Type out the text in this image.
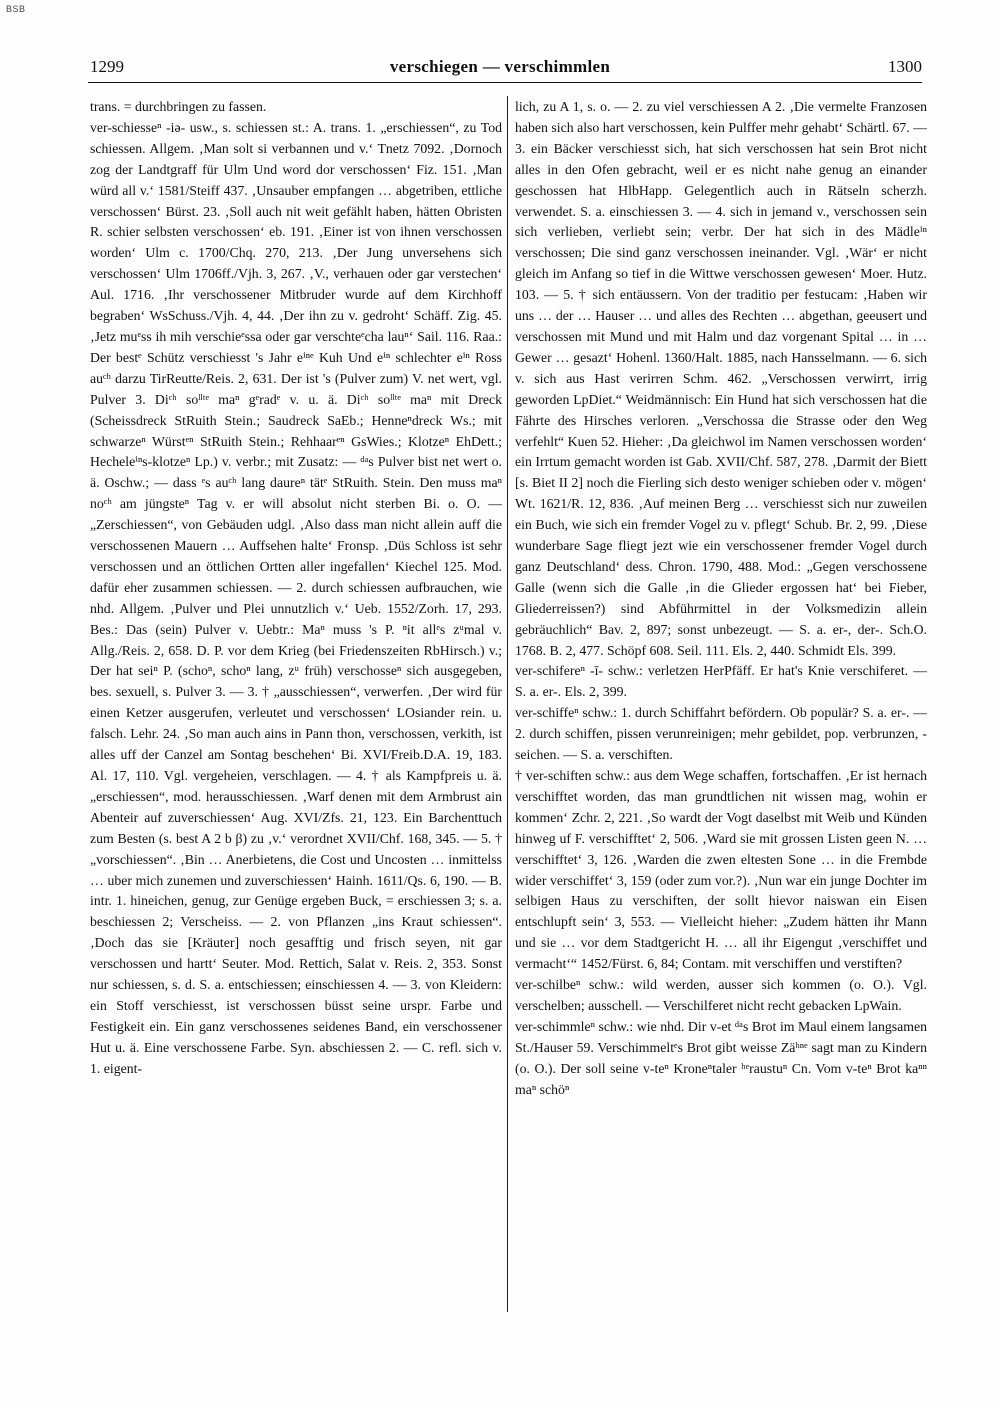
BSB
1299	verschiegen — verschimmlen	1300

trans. = durchbringen zu fassen.

ver-schiesseⁿ -iə- usw., s. schiessen st.: A. trans. 1. „erschiessen“, zu Tod schiessen. Allgem. ‚Man solt si verbannen und v.‘ Tnetz 7092. ‚Dornoch zog der Landtgraff für Ulm Und word dor verschossen‘ Fiz. 151. ‚Man würd all v.‘ 1581/Steiff 437. ‚Unsauber empfangen … abgetriben, ettliche verschossen‘ Bürst. 23. ‚Soll auch nit weit gefählt haben, hätten Obristen R. schier selbsten verschossen‘ eb. 191. ‚Einer ist von ihnen verschossen worden‘ Ulm c. 1700/Chq. 270, 213. ‚Der Jung unversehens sich verschossen‘ Ulm 1706ff./Vjh. 3, 267. ‚V., verhauen oder gar verstechen‘ Aul. 1716. ‚Ihr verschossener Mitbruder wurde auf dem Kirchhoff begraben‘ WsSchuss./Vjh. 4, 44. ‚Der ihn zu v. gedroht‘ Schäff. Zig. 45. ‚Jetz muᵉss ih mih verschieᵉssa oder gar verschteᵉcha lauⁿ‘ Sail. 116. Raa.: Der bestᵉ Schütz verschiesst 's Jahr eⁱⁿᵉ Kuh Und eⁱⁿ schlechter eⁱⁿ Ross auᶜʰ darzu TirReutte/Reis. 2, 631. Der ist 's (Pulver zum) V. net wert, vgl. Pulver 3. Diᶜʰ soˡˡᵗᵉ maⁿ gᵉradᵉ v. u. ä. Diᶜʰ soˡˡᵗᵉ maⁿ mit Dreck (Scheissdreck StRuith Stein.; Saudreck SaEb.; Henneⁿdreck Ws.; mit schwarzeⁿ Würstᵉⁿ StRuith Stein.; Rehhaarᵉⁿ GsWies.; Klotzeⁿ EhDett.; Hecheleⁱⁿs-klotzeⁿ Lp.) v. verbr.; mit Zusatz: — ᵈᵃs Pulver bist net wert o. ä. Oschw.; — dass ᵉs auᶜʰ lang daureⁿ tätᵉ StRuith. Stein. Den muss maⁿ noᶜʰ am jüngsteⁿ Tag v. er will absolut nicht sterben Bi. o. O. — „Zerschiessen“, von Gebäuden udgl. ‚Also dass man nicht allein auff die verschossenen Mauern … Auffsehen halte‘ Fronsp. ‚Düs Schloss ist sehr verschossen und an öttlichen Ortten aller ingefallen‘ Kiechel 125. Mod. dafür eher zusammen schiessen. — 2. durch schiessen aufbrauchen, wie nhd. Allgem. ‚Pulver und Plei unnutzlich v.‘ Ueb. 1552/Zorh. 17, 293. Bes.: Das (sein) Pulver v. Uebtr.: Maⁿ muss 's P. ⁿit allᵉs zᵘmal v. Allg./Reis. 2, 658. D. P. vor dem Krieg (bei Friedenszeiten RbHirsch.) v.; Der hat seiⁿ P. (schoⁿ, schoⁿ lang, zᵘ früh) verschosseⁿ sich ausgegeben, bes. sexuell, s. Pulver 3. — 3. † „ausschiessen“, verwerfen. ‚Der wird für einen Ketzer ausgerufen, verleutet und verschossen‘ LOsiander rein. u. falsch. Lehr. 24. ‚So man auch ains in Pann thon, verschossen, verkith, ist alles uff der Canzel am Sontag beschehen‘ Bi. XVI/Freib.D.A. 19, 183. Al. 17, 110. Vgl. vergeheien, verschlagen. — 4. † als Kampfpreis u. ä. „erschiessen“, mod. herausschiessen. ‚Warf denen mit dem Armbrust ain Abenteir auf zuverschiessen‘ Aug. XVI/Zfs. 21, 123. Ein Barchenttuch zum Besten (s. best A 2 b β) zu ‚v.‘ verordnet XVII/Chf. 168, 345. — 5. † „vorschiessen“. ‚Bin … Anerbietens, die Cost und Uncosten … inmittelss … uber mich zunemen und zuverschiessen‘ Hainh. 1611/Qs. 6, 190. — B. intr. 1. hineichen, genug, zur Genüge ergeben Buck, = erschiessen 3; s. a. beschiessen 2; Verscheiss. — 2. von Pflanzen „ins Kraut schiessen“. ‚Doch das sie [Kräuter] noch gesafftig und frisch seyen, nit gar verschossen und hartt‘ Seuter. Mod. Rettich, Salat v. Reis. 2, 353. Sonst nur schiessen, s. d. S. a. entschiessen; einschiessen 4. — 3. von Kleidern: ein Stoff verschiesst, ist verschossen büsst seine urspr. Farbe und Festigkeit ein. Ein ganz verschossenes seidenes Band, ein verschossener Hut u. ä. Eine verschossene Farbe. Syn. abschiessen 2. — C. refl. sich v. 1. eigent-

lich, zu A 1, s. o. — 2. zu viel verschiessen A 2. ‚Die vermelte Franzosen haben sich also hart verschossen, kein Pulffer mehr gehabt‘ Schärtl. 67. — 3. ein Bäcker verschiesst sich, hat sich verschossen hat sein Brot nicht alles in den Ofen gebracht, weil er es nicht nahe genug an einander geschossen hat HlbHapp. Gelegentlich auch in Rätseln scherzh. verwendet. S. a. einschiessen 3. — 4. sich in jemand v., verschossen sein sich verlieben, verliebt sein; verbr. Der hat sich in des Mädleⁱⁿ verschossen; Die sind ganz verschossen ineinander. Vgl. ‚Wär‘ er nicht gleich im Anfang so tief in die Wittwe verschossen gewesen‘ Moer. Hutz. 103. — 5. † sich entäussern. Von der traditio per festucam: ‚Haben wir uns … der … Hauser … und alles des Rechten … abgethan, geeusert und verschossen mit Mund und mit Halm und daz vorgenant Spital … in … Gewer … gesazt‘ Hohenl. 1360/Halt. 1885, nach Hansselmann. — 6. sich v. sich aus Hast verirren Schm. 462. „Verschossen verwirrt, irrig geworden LpDiet.“ Weidmännisch: Ein Hund hat sich verschossen hat die Fährte des Hirsches verloren. „Verschossa die Strasse oder den Weg verfehlt“ Kuen 52. Hieher: ‚Da gleichwol im Namen verschossen worden‘ ein Irrtum gemacht worden ist Gab. XVII/Chf. 587, 278. ‚Darmit der Biett [s. Biet II 2] noch die Fierling sich desto weniger schieben oder v. mögen‘ Wt. 1621/R. 12, 836. ‚Auf meinen Berg … verschiesst sich nur zuweilen ein Buch, wie sich ein fremder Vogel zu v. pflegt‘ Schub. Br. 2, 99. ‚Diese wunderbare Sage fliegt jezt wie ein verschossener fremder Vogel durch ganz Deutschland‘ dess. Chron. 1790, 488. Mod.: „Gegen verschossene Galle (wenn sich die Galle ‚in die Glieder ergossen hat‘ bei Fieber, Gliederreissen?) sind Abführmittel in der Volksmedizin allein gebräuchlich“ Bav. 2, 897; sonst unbezeugt. — S. a. er-, der-. Sch.O. 1768. B. 2, 477. Schöpf 608. Seil. 111. Els. 2, 440. Schmidt Els. 399.

ver-schifereⁿ -ī- schw.: verletzen HerPfäff. Er hat's Knie verschiferet. — S. a. er-. Els. 2, 399.

ver-schiffeⁿ schw.: 1. durch Schiffahrt befördern. Ob populär? S. a. er-. — 2. durch schiffen, pissen verunreinigen; mehr gebildet, pop. verbrunzen, -seichen. — S. a. verschiften.

† ver-schiften schw.: aus dem Wege schaffen, fortschaffen. ‚Er ist hernach verschifftet worden, das man grundtlichen nit wissen mag, wohin er kommen‘ Zchr. 2, 221. ‚So wardt der Vogt daselbst mit Weib und Künden hinweg uf F. verschifftet‘ 2, 506. ‚Ward sie mit grossen Listen geen N. … verschifftet‘ 3, 126. ‚Warden die zwen eltesten Sone … in die Frembde wider verschiffet‘ 3, 159 (oder zum vor.?). ‚Nun war ein junge Dochter im selbigen Haus zu verschiften, der sollt hievor naiswan ein Eisen entschlupft sein‘ 3, 553. — Vielleicht hieher: „Zudem hätten ihr Mann und sie … vor dem Stadtgericht H. … all ihr Eigengut ‚verschiffet und vermacht‘“ 1452/Fürst. 6, 84; Contam. mit verschiffen und verstiften?

ver-schilbeⁿ schw.: wild werden, ausser sich kommen (o. O.). Vgl. verschelben; ausschell. — Verschilferet nicht recht gebacken LpWain.

ver-schimmleⁿ schw.: wie nhd. Dir v-et ᵈᵃs Brot im Maul einem langsamen St./Hauser 59. Verschimmeltᵉs Brot gibt weisse Zäʰⁿᵉ sagt man zu Kindern (o. O.). Der soll seine v-teⁿ Kroneⁿtaler ʰᵉraustuⁿ Cn. Vom v-teⁿ Brot kaⁿⁿ maⁿ schöⁿ
